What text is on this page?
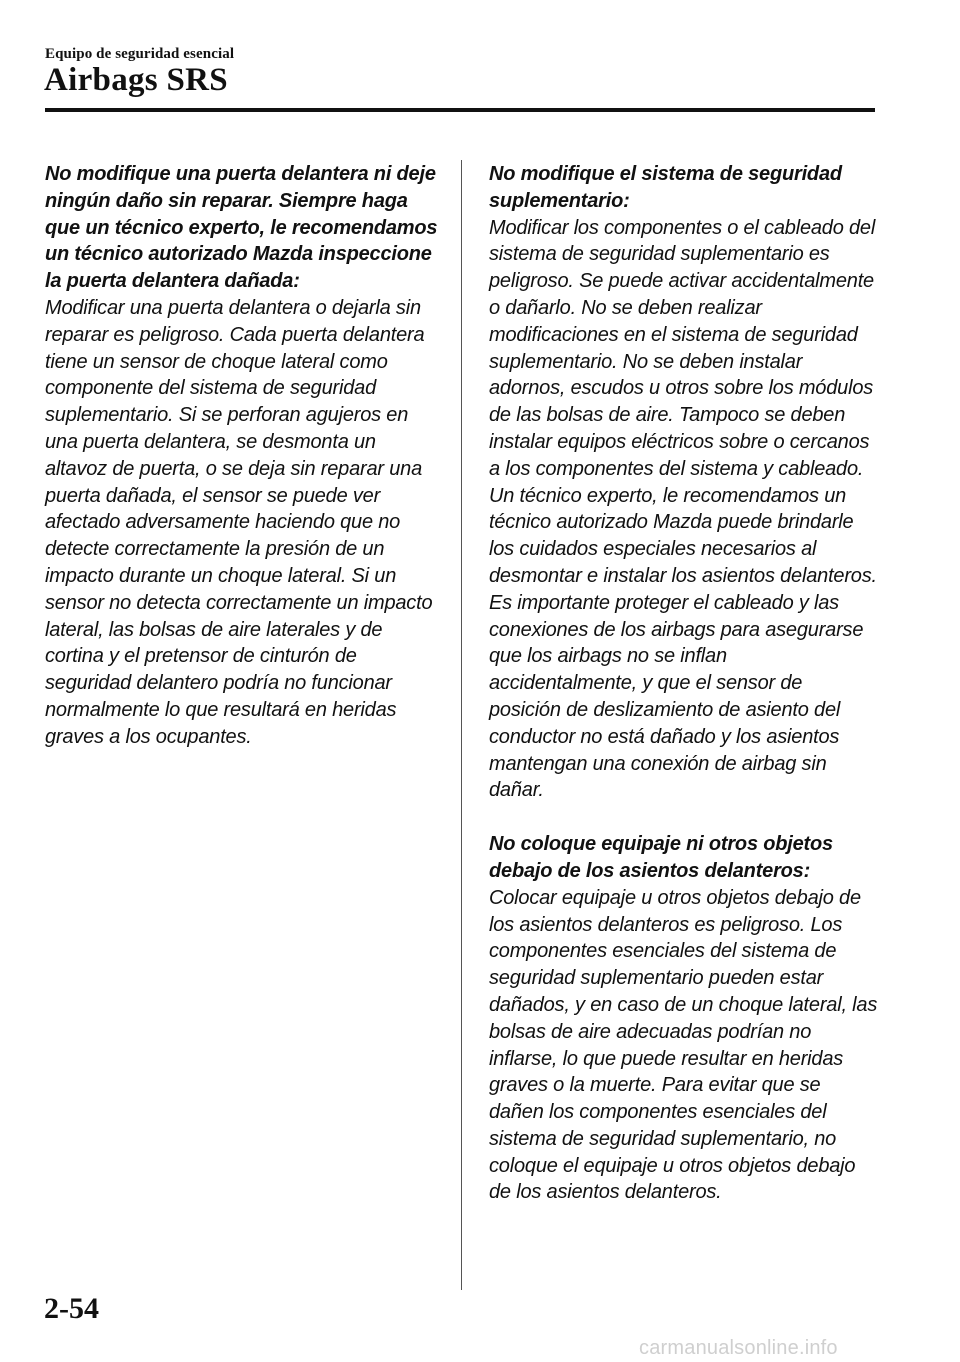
Equipo de seguridad esencial
Airbags SRS
No modifique una puerta delantera ni deje ningún daño sin reparar. Siempre haga que un técnico experto, le recomendamos un técnico autorizado Mazda inspeccione la puerta delantera dañada:
Modificar una puerta delantera o dejarla sin reparar es peligroso. Cada puerta delantera tiene un sensor de choque lateral como componente del sistema de seguridad suplementario. Si se perforan agujeros en una puerta delantera, se desmonta un altavoz de puerta, o se deja sin reparar una puerta dañada, el sensor se puede ver afectado adversamente haciendo que no detecte correctamente la presión de un impacto durante un choque lateral. Si un sensor no detecta correctamente un impacto lateral, las bolsas de aire laterales y de cortina y el pretensor de cinturón de seguridad delantero podría no funcionar normalmente lo que resultará en heridas graves a los ocupantes.
No modifique el sistema de seguridad suplementario:
Modificar los componentes o el cableado del sistema de seguridad suplementario es peligroso. Se puede activar accidentalmente o dañarlo. No se deben realizar modificaciones en el sistema de seguridad suplementario. No se deben instalar adornos, escudos u otros sobre los módulos de las bolsas de aire. Tampoco se deben instalar equipos eléctricos sobre o cercanos a los componentes del sistema y cableado. Un técnico experto, le recomendamos un técnico autorizado Mazda puede brindarle los cuidados especiales necesarios al desmontar e instalar los asientos delanteros. Es importante proteger el cableado y las conexiones de los airbags para asegurarse que los airbags no se inflan accidentalmente, y que el sensor de posición de deslizamiento de asiento del conductor no está dañado y los asientos mantengan una conexión de airbag sin dañar.
No coloque equipaje ni otros objetos debajo de los asientos delanteros:
Colocar equipaje u otros objetos debajo de los asientos delanteros es peligroso. Los componentes esenciales del sistema de seguridad suplementario pueden estar dañados, y en caso de un choque lateral, las bolsas de aire adecuadas podrían no inflarse, lo que puede resultar en heridas graves o la muerte. Para evitar que se dañen los componentes esenciales del sistema de seguridad suplementario, no coloque el equipaje u otros objetos debajo de los asientos delanteros.
2-54
carmanualsonline.info
